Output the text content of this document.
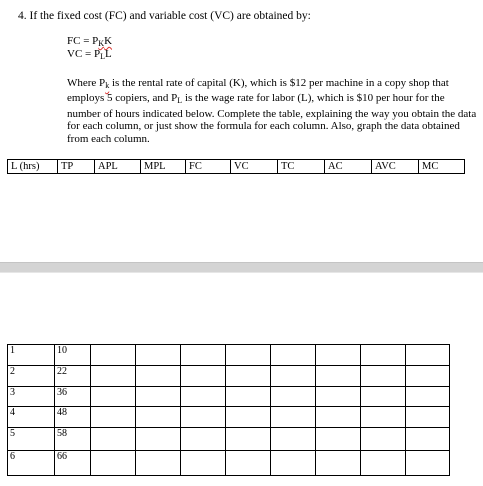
4. If the fixed cost (FC) and variable cost (VC) are obtained by:
FC = $P_KK$
VC = $P_LL$
Where $P_k$ is the rental rate of capital (K), which is $12 per machine in a copy shop that employs 5 copiers, and $P_L$ is the wage rate for labor (L), which is $10 per hour for the number of hours indicated below. Complete the table, explaining the way you obtain the data for each column, or just show the formula for each column. Also, graph the data obtained from each column.
L (hrs)	TP	APL	MPL	FC	VC	TC	AC	AVC	MC
1	10								
2	22								
3	36								
4	48								
5	58								
6	66								
